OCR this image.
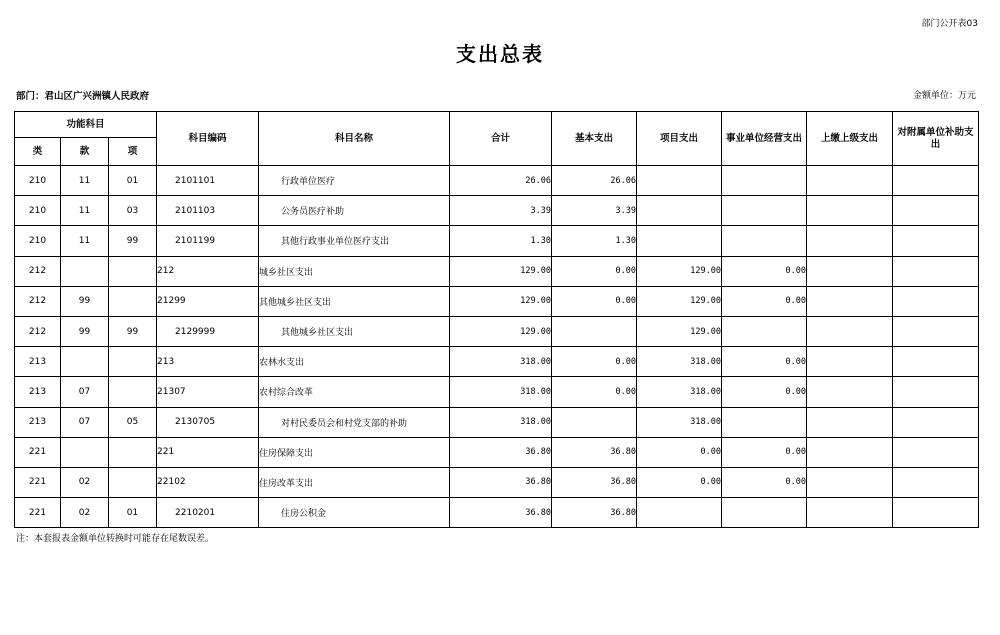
部门公开表03
支出总表
部门：君山区广兴洲镇人民政府	金额单位：万元
功能科目			科目编码	科目名称	合计	基本支出	项目支出	事业单位经营支出	上缴上级支出	对附属单位补助支出
类	款	项								
210	11	01	2101101	行政单位医疗	26.06	26.06				
210	11	03	2101103	公务员医疗补助	3.39	3.39				
210	11	99	2101199	其他行政事业单位医疗支出	1.30	1.30				
212			212	城乡社区支出	129.00	0.00	129.00	0.00		
212	99		21299	其他城乡社区支出	129.00	0.00	129.00	0.00		
212	99	99	2129999	其他城乡社区支出	129.00		129.00			
213			213	农林水支出	318.00	0.00	318.00	0.00		
213	07		21307	农村综合改革	318.00	0.00	318.00	0.00		
213	07	05	2130705	对村民委员会和村党支部的补助	318.00		318.00			
221			221	住房保障支出	36.80	36.80	0.00	0.00		
221	02		22102	住房改革支出	36.80	36.80	0.00	0.00		
221	02	01	2210201	住房公积金	36.80	36.80				
注：本套报表金额单位转换时可能存在尾数误差。
